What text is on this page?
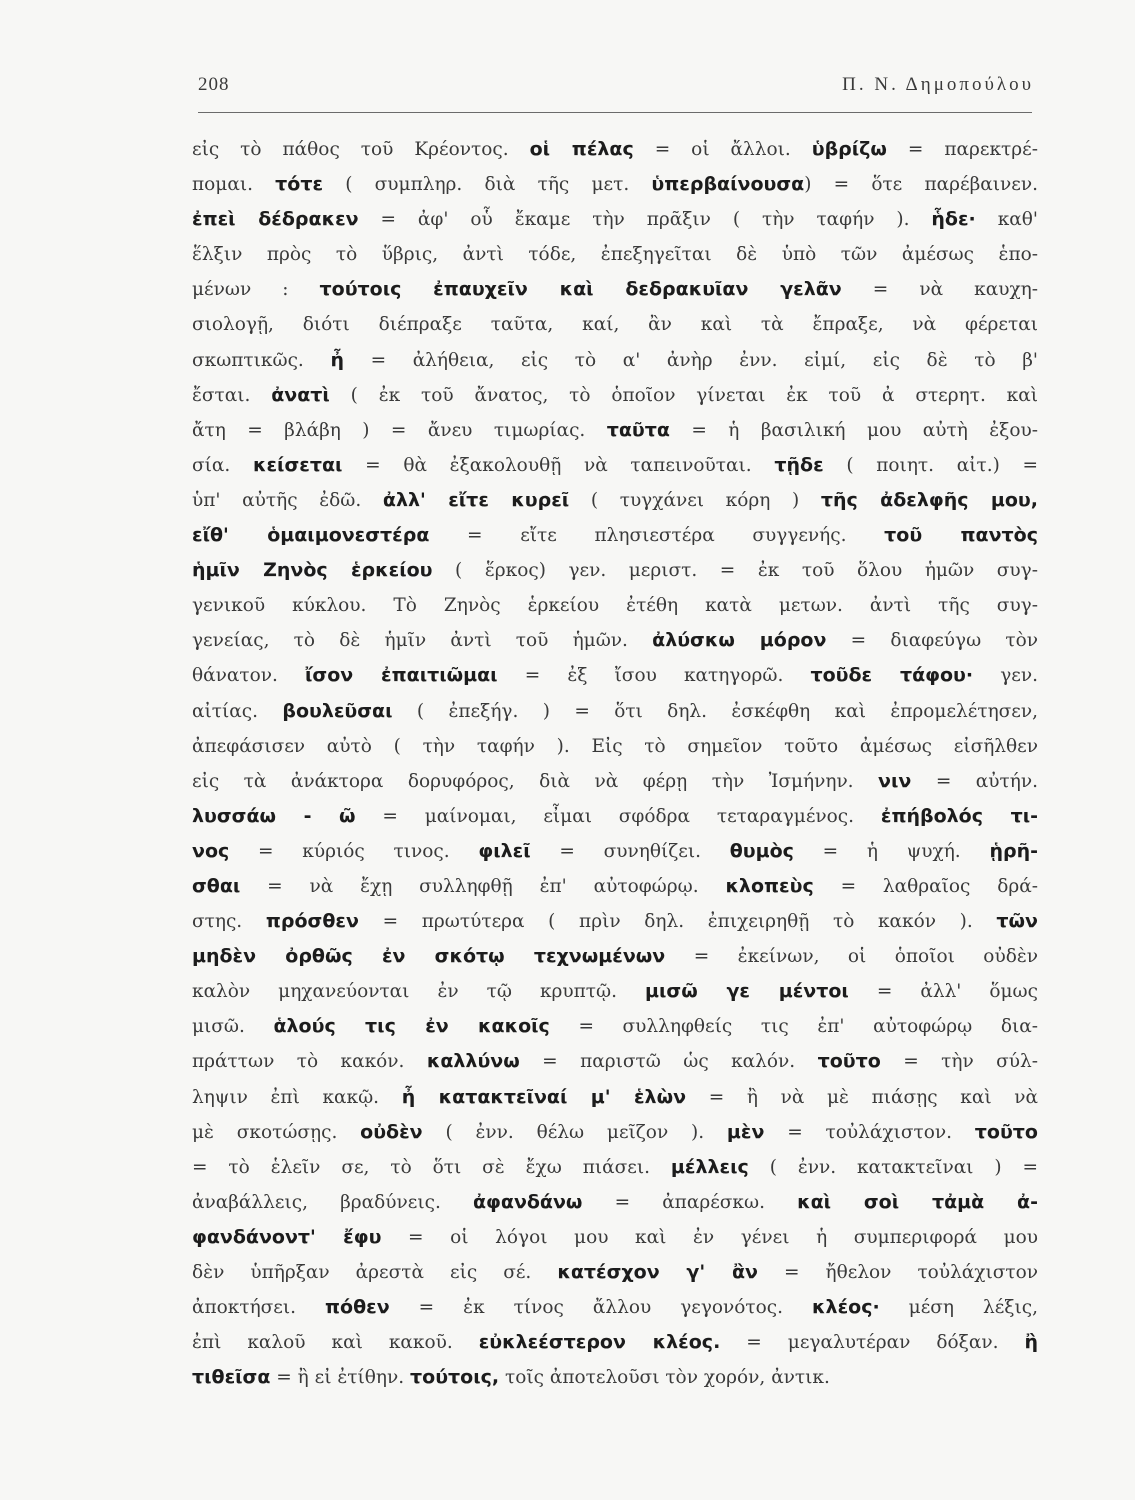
208	Π. Ν. Δημοπούλου
εἰς τὸ πάθος τοῦ Κρέοντος. οἱ πέλας = οἱ ἄλλοι. ὑβρίζω = παρεκτρέ-
πομαι. τότε ( συμπληρ. διὰ τῆς μετ. ὑπερβαίνουσα) = ὅτε παρέβαινεν.
ἐπεὶ δέδρακεν = ἀφ' οὗ ἔκαμε τὴν πρᾶξιν ( τὴν ταφήν ). ἧδε· καθ'
ἕλξιν πρὸς τὸ ὕβρις, ἀντὶ τόδε, ἐπεξηγεῖται δὲ ὑπὸ τῶν ἀμέσως ἑπο-
μένων : τούτοις ἐπαυχεῖν καὶ δεδρακυῖαν γελᾶν = νὰ καυχη-
σιολογῇ, διότι διέπραξε ταῦτα, καί, ἂν καὶ τὰ ἔπραξε, νὰ φέρεται
σκωπτικῶς. ἦ = ἀλήθεια, εἰς τὸ α' ἀνὴρ ἐνν. εἰμί, εἰς δὲ τὸ β'
ἔσται. ἀνατὶ ( ἐκ τοῦ ἄνατος, τὸ ὁποῖον γίνεται ἐκ τοῦ ἀ στερητ. καὶ
ἄτη = βλάβη ) = ἄνευ τιμωρίας. ταῦτα = ἡ βασιλική μου αὐτὴ ἐξου-
σία. κείσεται = θὰ ἐξακολουθῇ νὰ ταπεινοῦται. τῇδε ( ποιητ. αἰτ.) =
ὑπ' αὐτῆς ἐδῶ. ἀλλ' εἴτε κυρεῖ ( τυγχάνει κόρη ) τῆς ἀδελφῆς μου,
εἴθ' ὁμαιμονεστέρα = εἴτε πλησιεστέρα συγγενής. τοῦ παντὸς
ἡμῖν Ζηνὸς ἑρκείου ( ἕρκος) γεν. μεριστ. = ἐκ τοῦ ὅλου ἡμῶν συγ-
γενικοῦ κύκλου. Τὸ Ζηνὸς ἑρκείου ἐτέθη κατὰ μετων. ἀντὶ τῆς συγ-
γενείας, τὸ δὲ ἡμῖν ἀντὶ τοῦ ἡμῶν. ἀλύσκω μόρον = διαφεύγω τὸν
θάνατον. ἴσον ἐπαιτιῶμαι = ἐξ ἴσου κατηγορῶ. τοῦδε τάφου· γεν.
αἰτίας. βουλεῦσαι ( ἐπεξήγ. ) = ὅτι δηλ. ἐσκέφθη καὶ ἐπρομελέτησεν,
ἀπεφάσισεν αὐτὸ ( τὴν ταφήν ). Εἰς τὸ σημεῖον τοῦτο ἀμέσως εἰσῆλθεν
εἰς τὰ ἀνάκτορα δορυφόρος, διὰ νὰ φέρῃ τὴν Ἰσμήνην. νιν = αὐτήν.
λυσσάω - ῶ = μαίνομαι, εἶμαι σφόδρα τεταραγμένος. ἐπήβολός τι-
νος = κύριός τινος. φιλεῖ = συνηθίζει. θυμὸς = ἡ ψυχή. ᾑρῆ-
σθαι = νὰ ἔχῃ συλληφθῇ ἐπ' αὐτοφώρῳ. κλοπεὺς = λαθραῖος δρά-
στης. πρόσθεν = πρωτύτερα ( πρὶν δηλ. ἐπιχειρηθῇ τὸ κακόν ). τῶν
μηδὲν ὀρθῶς ἐν σκότῳ τεχνωμένων = ἐκείνων, οἱ ὁποῖοι οὐδὲν
καλὸν μηχανεύονται ἐν τῷ κρυπτῷ. μισῶ γε μέντοι = ἀλλ' ὅμως
μισῶ. ἁλούς τις ἐν κακοῖς = συλληφθείς τις ἐπ' αὐτοφώρῳ δια-
πράττων τὸ κακόν. καλλύνω = παριστῶ ὡς καλόν. τοῦτο = τὴν σύλ-
ληψιν ἐπὶ κακῷ. ἦ κατακτεῖναί μ' ἑλὼν = ἢ νὰ μὲ πιάσῃς καὶ νὰ
μὲ σκοτώσῃς. οὐδὲν ( ἐνν. θέλω μεῖζον ). μὲν = τοὐλάχιστον. τοῦτο
= τὸ ἑλεῖν σε, τὸ ὅτι σὲ ἔχω πιάσει. μέλλεις ( ἐνν. κατακτεῖναι ) =
ἀναβάλλεις, βραδύνεις. ἀφανδάνω = ἀπαρέσκω. καὶ σοὶ τἀμὰ ἀ-
φανδάνοντ' ἔφυ = οἱ λόγοι μου καὶ ἐν γένει ἡ συμπεριφορά μου
δὲν ὑπῆρξαν ἀρεστὰ εἰς σέ. κατέσχον γ' ἂν = ἤθελον τοὐλάχιστον
ἀποκτήσει. πόθεν = ἐκ τίνος ἄλλου γεγονότος. κλέος· μέση λέξις,
ἐπὶ καλοῦ καὶ κακοῦ. εὐκλεέστερον κλέος. = μεγαλυτέραν δόξαν. ἢ
τιθεῖσα = ἢ εἰ ἐτίθην. τούτοις, τοῖς ἀποτελοῦσι τὸν χορόν, ἀντικ.
